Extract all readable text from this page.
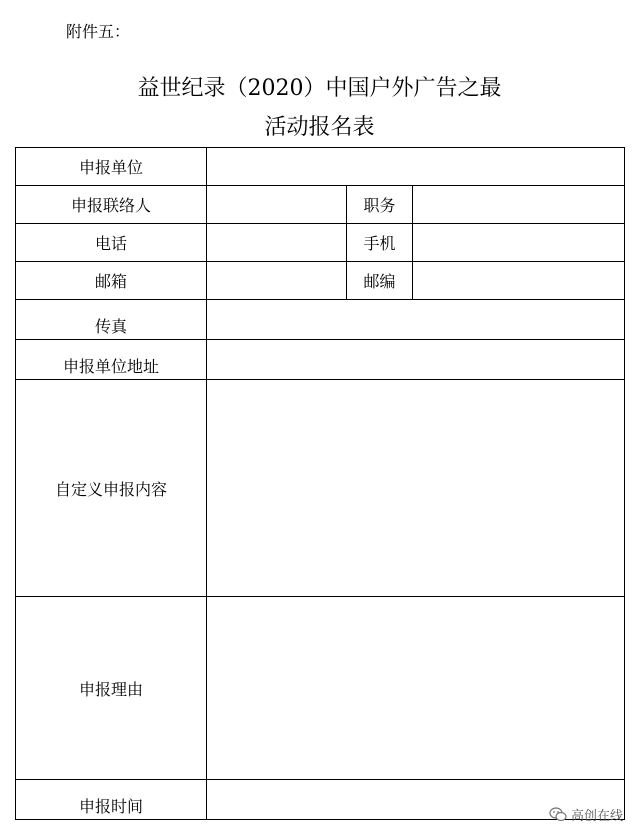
附件五：
益世纪录（2020）中国户外广告之最
活动报名表
申报单位			
申报联络人		职务	
电话		手机	
邮箱		邮编	
传真			
申报单位地址			
自定义申报内容			
申报理由			
申报时间			
高创在线
